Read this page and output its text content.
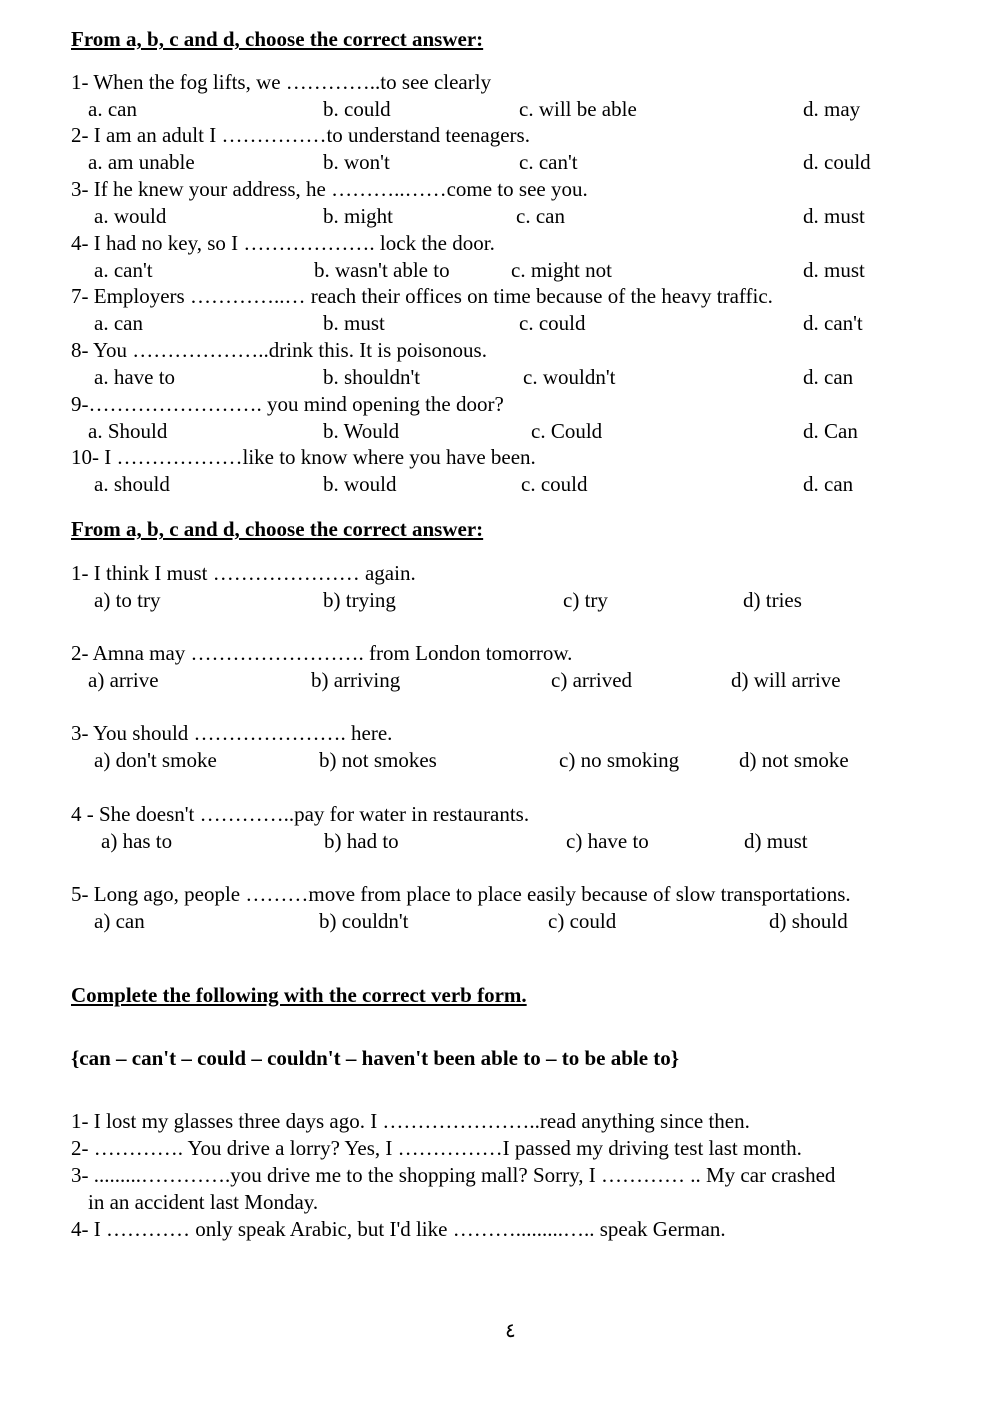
From a, b, c and d, choose the correct answer:
1- When the fog lifts, we …………..to see clearly
a. can	b. could	c. will be able	d. may
2- I am an adult I ……………to understand teenagers.
a. am unable	b. won't	c. can't	d. could
3- If he knew your address, he ………..……come to see you.
a. would	b. might	c. can	d. must
4- I had no key, so I ………………. lock the door.
a. can't	b. wasn't able to	c. might not	d. must
7- Employers …………..… reach their offices on time because of the heavy traffic.
a. can	b. must	c. could	d. can't
8- You ………………..drink this. It is poisonous.
a. have to	b. shouldn't	c. wouldn't	d. can
9-……………………. you mind opening the door?
a. Should	b. Would	c. Could	d. Can
10- I ………………like to know where you have been.
a. should	b. would	c. could	d. can
From a, b, c and d, choose the correct answer:
1- I think I must ………………… again.
a) to try	b) trying	c) try	d) tries
2- Amna may ……………………. from London tomorrow.
a) arrive	b) arriving	c) arrived	d) will arrive
3- You should …………………. here.
a) don't smoke	b) not smokes	c) no smoking	d) not smoke
4 - She doesn't …………..pay for water in restaurants.
a) has to	b) had to	c) have to	d) must
5- Long ago, people ………move from place to place easily because of slow transportations.
a) can	b) couldn't	c) could	d) should
Complete the following with the correct verb form.
{can – can't – could – couldn't – haven't been able to – to be able to}
1- I lost my glasses three days ago. I …………………..read anything since then.
2- …………. You drive a lorry? Yes, I ……………I passed my driving test last month.
3- .........………….you drive me to the shopping mall? Sorry, I ………… .. My car crashed
in an accident last Monday.
4- I ………… only speak Arabic, but I'd like ……….........….. speak German.
٤
